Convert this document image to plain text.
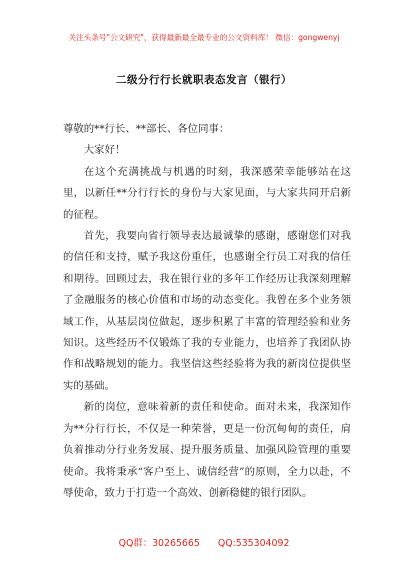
关注头条号"公文研究"，获得最新最全最专业的公文资料库！ 微信：gongwenyj
二级分行行长就职表态发言（银行）

尊敬的**行长、**部长、各位同事：

大家好！

在这个充满挑战与机遇的时刻，我深感荣幸能够站在这里，以新任**分行行长的身份与大家见面，与大家共同开启新的征程。

首先，我要向省行领导表达最诚挚的感谢，感谢您们对我的信任和支持，赋予我这份重任，也感谢全行员工对我的信任和期待。回顾过去，我在银行业的多年工作经历让我深刻理解了金融服务的核心价值和市场的动态变化。我曾在多个业务领域工作，从基层岗位做起，逐步积累了丰富的管理经验和业务知识。这些经历不仅锻炼了我的专业能力，也培养了我团队协作和战略规划的能力。我坚信这些经验将为我的新岗位提供坚实的基础。

新的岗位，意味着新的责任和使命。面对未来，我深知作为**分行行长，不仅是一种荣誉，更是一份沉甸甸的责任，肩负着推动分行业务发展、提升服务质量、加强风险管理的重要使命。我将秉承“客户至上、诚信经营”的原则，全力以赴，不辱使命，致力于打造一个高效、创新稳健的银行团队。

QQ群：30265665 QQ:535304092
